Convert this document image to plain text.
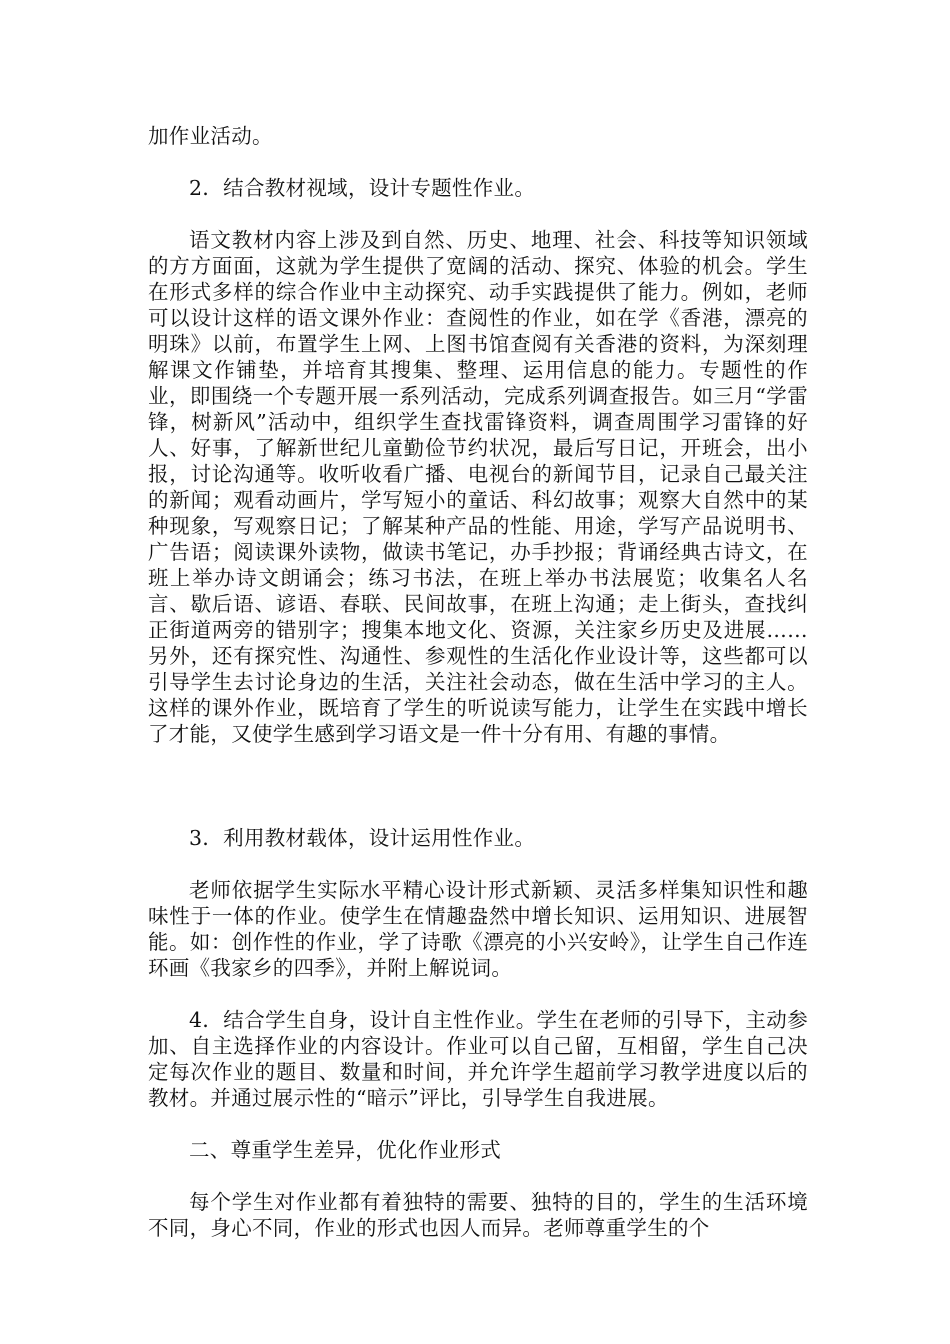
加作业活动。

2．结合教材视域，设计专题性作业。

语文教材内容上涉及到自然、历史、地理、社会、科技等知识领域的方方面面，这就为学生提供了宽阔的活动、探究、体验的机会。学生在形式多样的综合作业中主动探究、动手实践提供了能力。例如，老师可以设计这样的语文课外作业：查阅性的作业，如在学《香港，漂亮的明珠》以前，布置学生上网、上图书馆查阅有关香港的资料，为深刻理解课文作铺垫，并培育其搜集、整理、运用信息的能力。专题性的作业，即围绕一个专题开展一系列活动，完成系列调查报告。如三月“学雷锋，树新风”活动中，组织学生查找雷锋资料，调查周围学习雷锋的好人、好事，了解新世纪儿童勤俭节约状况，最后写日记，开班会，出小报，讨论沟通等。收听收看广播、电视台的新闻节目，记录自己最关注的新闻；观看动画片，学写短小的童话、科幻故事；观察大自然中的某种现象，写观察日记；了解某种产品的性能、用途，学写产品说明书、广告语；阅读课外读物，做读书笔记，办手抄报；背诵经典古诗文，在班上举办诗文朗诵会；练习书法，在班上举办书法展览；收集名人名言、歇后语、谚语、春联、民间故事，在班上沟通；走上街头，查找纠正街道两旁的错别字；搜集本地文化、资源，关注家乡历史及进展……另外，还有探究性、沟通性、参观性的生活化作业设计等，这些都可以引导学生去讨论身边的生活，关注社会动态，做在生活中学习的主人。这样的课外作业，既培育了学生的听说读写能力，让学生在实践中增长了才能，又使学生感到学习语文是一件十分有用、有趣的事情。

3．利用教材载体，设计运用性作业。

老师依据学生实际水平精心设计形式新颖、灵活多样集知识性和趣味性于一体的作业。使学生在情趣盎然中增长知识、运用知识、进展智能。如：创作性的作业，学了诗歌《漂亮的小兴安岭》，让学生自己作连环画《我家乡的四季》，并附上解说词。

4．结合学生自身，设计自主性作业。学生在老师的引导下，主动参加、自主选择作业的内容设计。作业可以自己留，互相留，学生自己决定每次作业的题目、数量和时间，并允许学生超前学习教学进度以后的教材。并通过展示性的“暗示”评比，引导学生自我进展。

二、尊重学生差异，优化作业形式

每个学生对作业都有着独特的需要、独特的目的，学生的生活环境不同，身心不同，作业的形式也因人而异。老师尊重学生的个
